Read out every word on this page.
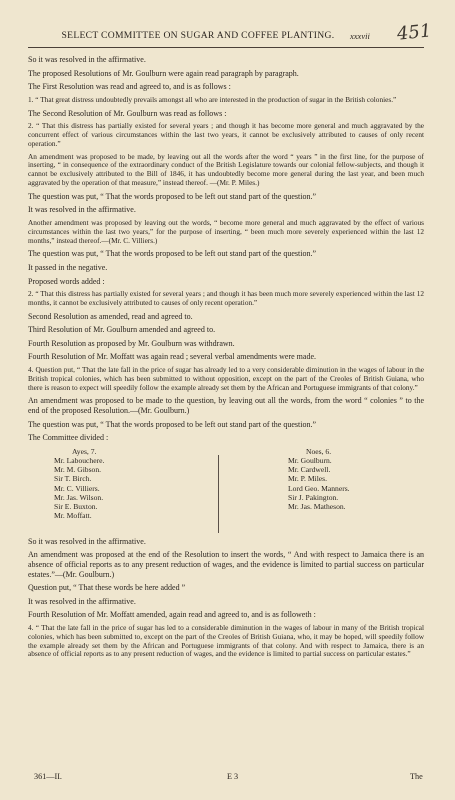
SELECT COMMITTEE ON SUGAR AND COFFEE PLANTING.	xxxvii 451

So it was resolved in the affirmative.

The proposed Resolutions of Mr. Goulburn were again read paragraph by paragraph.

The First Resolution was read and agreed to, and is as follows :

1. “ That great distress undoubtedly prevails amongst all who are interested in the production of sugar in the British colonies.”

The Second Resolution of Mr. Goulburn was read as follows :

2. “ That this distress has partially existed for several years ; and though it has become more general and much aggravated by the concurrent effect of various circumstances within the last two years, it cannot be exclusively attributed to causes of only recent operation.”

An amendment was proposed to be made, by leaving out all the words after the word “ years ” in the first line, for the purpose of inserting, “ in consequence of the extraordinary conduct of the British Legislature towards our colonial fellow-subjects, and though it cannot be exclusively attributed to the Bill of 1846, it has undoubtedly become more general during the last year, and been much aggravated by the operation of that measure,” instead thereof. —(Mr. P. Miles.)

The question was put, “ That the words proposed to be left out stand part of the question.”

It was resolved in the affirmative.

Another amendment was proposed by leaving out the words, “ become more general and much aggravated by the effect of various circumstances within the last two years,” for the purpose of inserting, “ been much more severely experienced within the last 12 months,” instead thereof.—(Mr. C. Villiers.)

The question was put, “ That the words proposed to be left out stand part of the question.”

It passed in the negative.

Proposed words added :

2. “ That this distress has partially existed for several years ; and though it has been much more severely experienced within the last 12 months, it cannot be exclusively attributed to causes of only recent operation.”

Second Resolution as amended, read and agreed to.

Third Resolution of Mr. Goulburn amended and agreed to.

Fourth Resolution as proposed by Mr. Goulburn was withdrawn.

Fourth Resolution of Mr. Moffatt was again read ; several verbal amendments were made.

4. Question put, “ That the late fall in the price of sugar has already led to a very considerable diminution in the wages of labour in the British tropical colonies, which has been submitted to without opposition, except on the part of the Creoles of British Guiana, who there is reason to expect will speedily follow the example already set them by the African and Portuguese immigrants of that colony.”

An amendment was proposed to be made to the question, by leaving out all the words, from the word “ colonies ” to the end of the proposed Resolution.—(Mr. Goulburn.)

The question was put, “ That the words proposed to be left out stand part of the question.”

The Committee divided :

Ayes, 7.
Mr. Labouchere.
Mr. M. Gibson.
Sir T. Birch.
Mr. C. Villiers.
Mr. Jas. Wilson.
Sir E. Buxton.
Mr. Moffatt.
Noes, 6.
Mr. Goulburn.
Mr. Cardwell.
Mr. P. Miles.
Lord Geo. Manners.
Sir J. Pakington.
Mr. Jas. Matheson.

So it was resolved in the affirmative.

An amendment was proposed at the end of the Resolution to insert the words, “ And with respect to Jamaica there is an absence of official reports as to any present reduction of wages, and the evidence is limited to partial success on particular estates.”—(Mr. Goulburn.)

Question put, “ That these words be here added ”

It was resolved in the affirmative.

Fourth Resolution of Mr. Moffatt amended, again read and agreed to, and is as followeth :

4. “ That the late fall in the price of sugar has led to a considerable diminution in the wages of labour in many of the British tropical colonies, which has been submitted to, except on the part of the Creoles of British Guiana, who, it may be hoped, will speedily follow the example already set them by the African and Portuguese immigrants of that colony. And with respect to Jamaica, there is an absence of official reports as to any present reduction of wages, and the evidence is limited to partial success on particular estates.”

361—II.	E 3	The
